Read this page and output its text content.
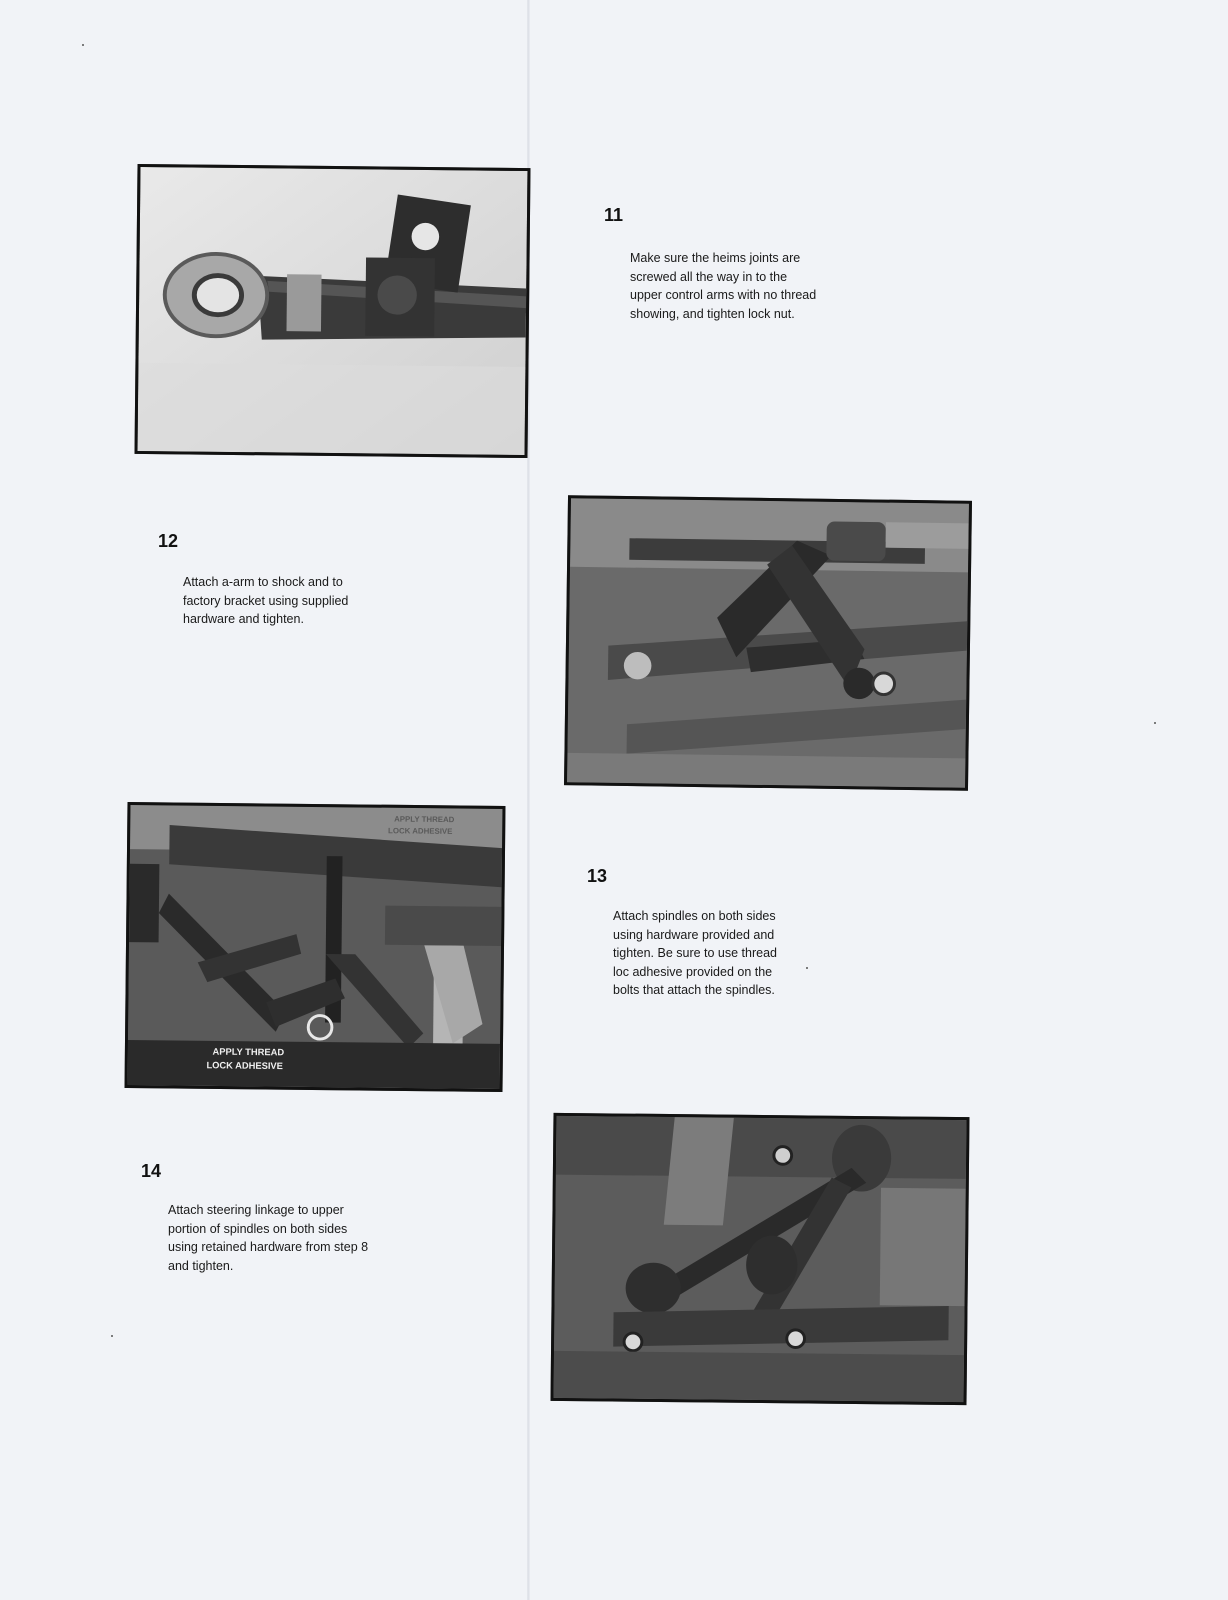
11
Make sure the heims joints are
screwed all the way in to the
upper control arms with no thread
showing, and tighten lock nut.
12
Attach a-arm to shock and to
factory bracket using supplied
hardware and tighten.
APPLY THREAD
LOCK ADHESIVE
APPLY THREAD
LOCK ADHESIVE
13
Attach spindles on both sides
using hardware provided and
tighten. Be sure to use thread
loc adhesive provided on the
bolts that attach the spindles.
14
Attach steering linkage to upper
portion of spindles on both sides
using retained hardware from step 8
and tighten.
